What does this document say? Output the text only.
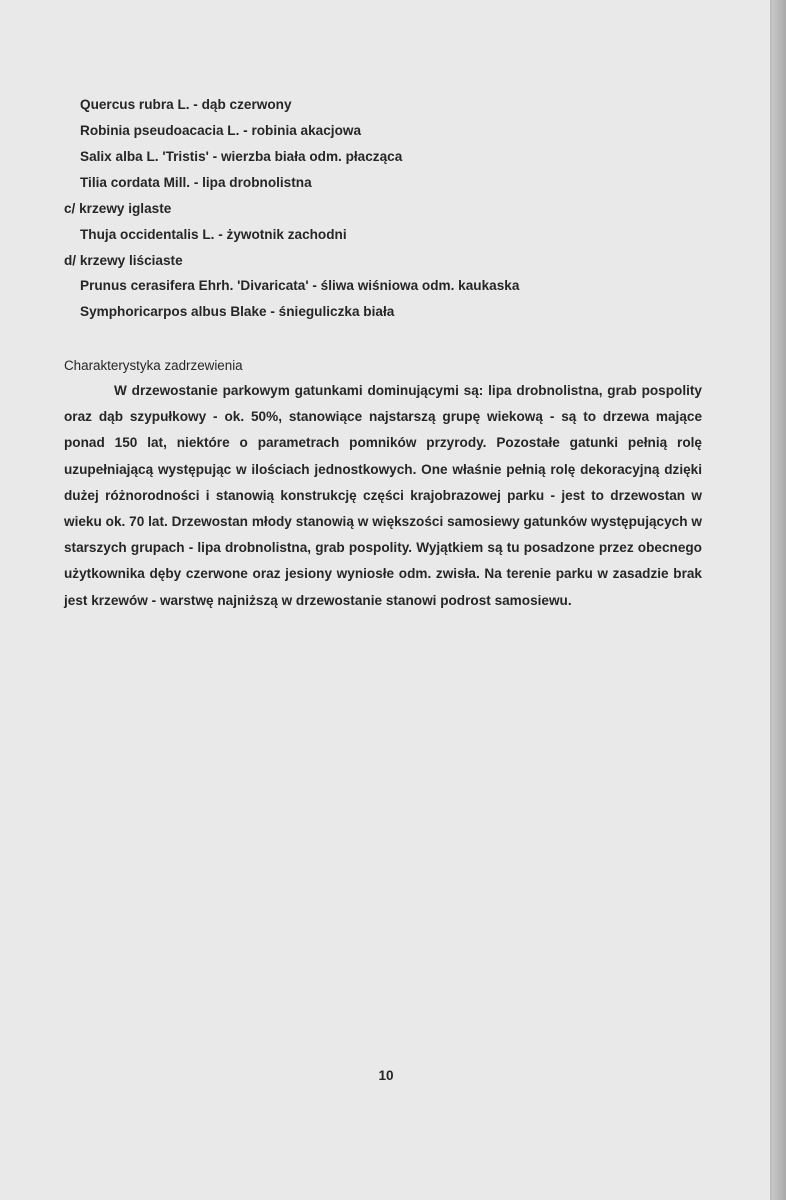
Quercus rubra L. - dąb czerwony
Robinia pseudoacacia L. - robinia akacjowa
Salix alba L. 'Tristis' - wierzba biała odm. płacząca
Tilia cordata Mill. - lipa drobnolistna
c/ krzewy iglaste
Thuja occidentalis L. - żywotnik zachodni
d/ krzewy liściaste
Prunus cerasifera Ehrh. 'Divaricata' - śliwa wiśniowa odm. kaukaska
Symphoricarpos albus Blake - śnieguliczka biała
Charakterystyka zadrzewienia
W drzewostanie parkowym gatunkami dominującymi są: lipa drobnolistna, grab pospolity oraz dąb szypułkowy - ok. 50%, stanowiące najstarszą grupę wiekową - są to drzewa mające ponad 150 lat, niektóre o parametrach pomników przyrody. Pozostałe gatunki pełnią rolę uzupełniającą występując w ilościach jednostkowych. One właśnie pełnią rolę dekoracyjną dzięki dużej różnorodności i stanowią konstrukcję części krajobrazowej parku - jest to drzewostan w wieku ok. 70 lat. Drzewostan młody stanowią w większości samosiewy gatunków występujących w starszych grupach - lipa drobnolistna, grab pospolity. Wyjątkiem są tu posadzone przez obecnego użytkownika dęby czerwone oraz jesiony wyniosłe odm. zwisła. Na terenie parku w zasadzie brak jest krzewów - warstwę najniższą w drzewostanie stanowi podrost samosiewu.
10
